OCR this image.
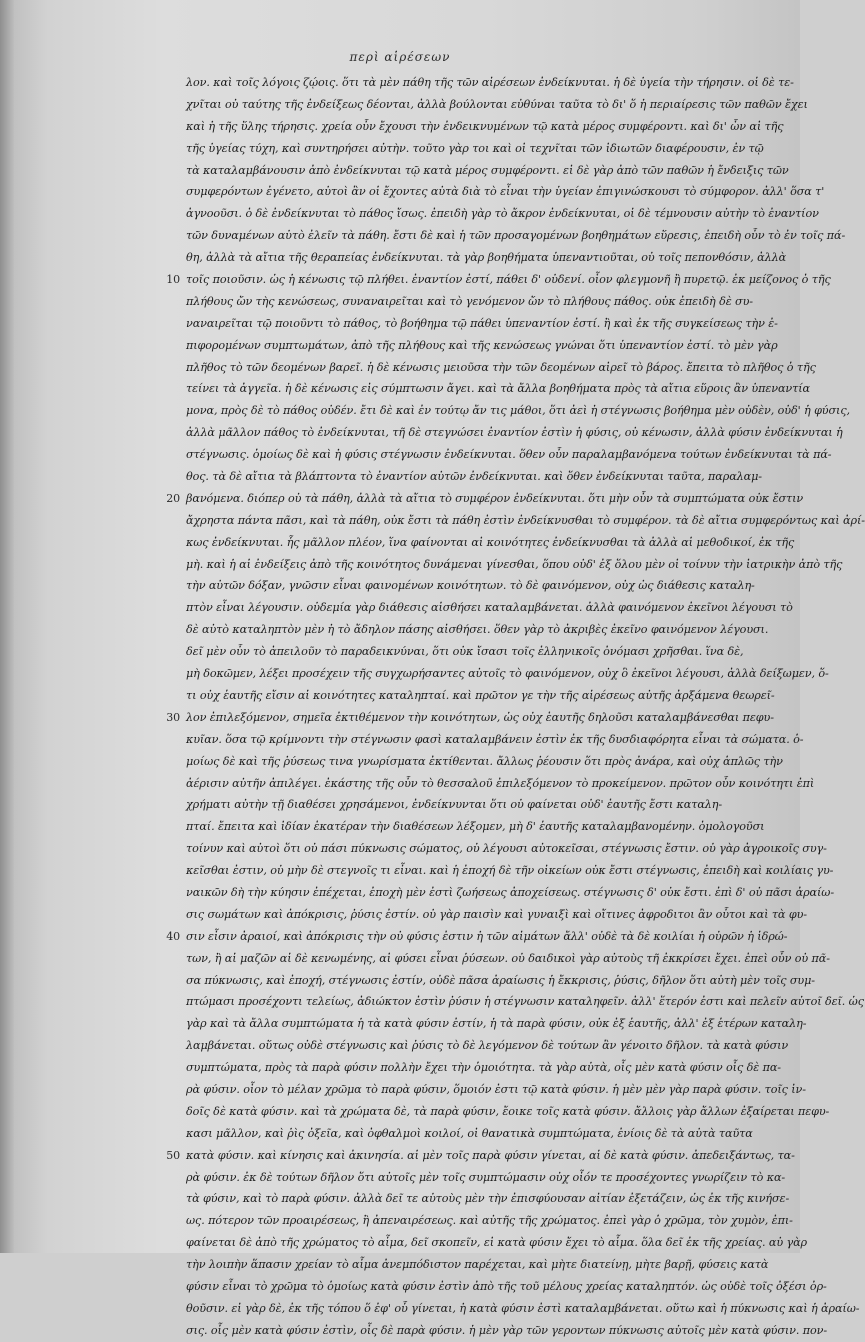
περὶ αἱρέσεων
λον. καὶ τοῖς λόγοις ζῴοις. ὅτι τὰ μὲν πάθη τῆς τῶν αἱρέσεων ἐνδείκνυται. ἡ δὲ ὑγεία τὴν τήρησιν. οἱ δὲ τε-
χνῖται οὐ ταύτης τῆς ἐνδείξεως δέονται, ἀλλὰ βούλονται εὐθύναι ταῦτα τὸ δι' ὅ ἡ περιαίρεσις τῶν παθῶν ἔχει
καὶ ἡ τῆς ὕλης τήρησις. χρεία οὖν ἔχουσι τὴν ἐνδεικνυμένων τῷ κατὰ μέρος συμφέροντι. καὶ δι' ὧν αἱ τῆς
τῆς ὑγείας τύχη, καὶ συντηρήσει αὐτὴν. τοῦτο γὰρ τοι καὶ οἱ τεχνῖται τῶν ἰδιωτῶν διαφέρουσιν, ἐν τῷ
τὰ καταλαμβάνουσιν ἀπὸ ἐνδείκνυται τῷ κατὰ μέρος συμφέροντι. εἰ δὲ γὰρ ἀπὸ τῶν παθῶν ἡ ἔνδειξις τῶν
συμφερόντων ἐγένετο, αὐτοὶ ἂν οἱ ἔχοντες αὐτὰ διὰ τὸ εἶναι τὴν ὑγείαν ἐπιγινώσκουσι τὸ σύμφορον. ἀλλ' ὅσα τ'
ἀγνοοῦσι. ὁ δὲ ἐνδείκνυται τὸ πάθος ἴσως. ἐπειδὴ γὰρ τὸ ἄκρον ἐνδείκνυται, οἱ δὲ τέμνουσιν αὐτὴν τὸ ἐναντίον
τῶν δυναμένων αὐτὸ ἐλεῖν τὰ πάθη. ἔστι δὲ καὶ ἡ τῶν προσαγομένων βοηθημάτων εὕρεσις, ἐπειδὴ οὖν τὸ ἐν τοῖς πά-
θη, ἀλλὰ τὰ αἴτια τῆς θεραπείας ἐνδείκνυται. τὰ γὰρ βοηθήματα ὑπεναντιοῦται, οὐ τοῖς πεπονθόσιν, ἀλλὰ
10 τοῖς ποιοῦσιν. ὡς ἡ κένωσις τῷ πλήθει. ἐναντίον ἐστί, πάθει δ' οὐδενί. οἷον φλεγμονῆ ἢ πυρετῷ. ἐκ μείζονος ὁ τῆς
πλήθους ὤν τὴς κενώσεως, συναναιρεῖται καὶ τὸ γενόμενον ὤν τὸ πλήθους πάθος. οὐκ ἐπειδὴ δὲ συ-
ναναιρεῖται τῷ ποιοῦντι τὸ πάθος, τὸ βοήθημα τῷ πάθει ὑπεναντίον ἐστί. ἢ καὶ ἐκ τῆς συγκείσεως τὴν ἐ-
πιφορομένων συμπτωμάτων, ἀπὸ τῆς πλήθους καὶ τῆς κενώσεως γνώναι ὅτι ὑπεναντίον ἐστί. τὸ μὲν γὰρ
πλῆθος τὸ τῶν δεομένων βαρεῖ. ἡ δὲ κένωσις μειοῦσα τὴν τῶν δεομένων αἰρεῖ τὸ βάρος. ἔπειτα τὸ πλῆθος ὁ τῆς
τείνει τὰ ἀγγεῖα. ἡ δὲ κένωσις εἰς σύμπτωσιν ἄγει. καὶ τὰ ἄλλα βοηθήματα πρὸς τὰ αἴτια εὕροις ἂν ὑπεναντία
μονα, πρὸς δὲ τὸ πάθος οὐδέν. ἔτι δὲ καὶ ἐν τούτῳ ἄν τις μάθοι, ὅτι ἀεὶ ἡ στέγνωσις βοήθημα μὲν οὐδὲν, οὐδ' ἡ φύσις,
ἀλλὰ μᾶλλον πάθος τὸ ἐνδείκνυται, τῆ δὲ στεγνώσει ἐναντίον ἐστὶν ἡ φύσις, οὐ κένωσιν, ἀλλὰ φύσιν ἐνδείκνυται ἡ
στέγνωσις. ὁμοίως δὲ καὶ ἡ φύσις στέγνωσιν ἐνδείκνυται. ὅθεν οὖν παραλαμβανόμενα τούτων ἐνδείκνυται τὰ πά-
θος. τὰ δὲ αἴτια τὰ βλάπτοντα τὸ ἐναντίον αὐτῶν ἐνδείκνυται. καὶ ὅθεν ἐνδείκνυται ταῦτα, παραλαμ-
20 βανόμενα. διόπερ οὐ τὰ πάθη, ἀλλὰ τὰ αἴτια τὸ συμφέρον ἐνδείκνυται. ὅτι μὴν οὖν τὰ συμπτώματα οὐκ ἔστιν
ἄχρηστα πάντα πᾶσι, καὶ τὰ πάθη, οὐκ ἔστι τὰ πάθη ἐστὶν ἐνδείκνυσθαι τὸ συμφέρον. τὰ δὲ αἴτια συμφερόντως καὶ ἀρί-
κως ἐνδείκνυται. ἧς μᾶλλον πλέον, ἵνα φαίνονται αἱ κοινότητες ἐνδείκνυσθαι τὰ ἀλλὰ αἱ μεθοδικοί, ἐκ τῆς
μὴ. καὶ ἡ αἱ ἐνδείξεις ἀπὸ τῆς κοινότητος δυνάμεναι γίνεσθαι, ὅπου οὐδ' ἐξ ὅλου μὲν οἱ τοίνυν τὴν ἰατρικὴν ἀπὸ τῆς
τὴν αὐτῶν δόξαν, γνῶσιν εἶναι φαινομένων κοινότητων. τὸ δὲ φαινόμενον, οὐχ ὡς διάθεσις καταλη-
πτὸν εἶναι λέγουσιν. οὐδεμία γὰρ διάθεσις αἰσθήσει καταλαμβάνεται. ἀλλὰ φαινόμενον ἐκεῖνοι λέγουσι τὸ
δὲ αὐτὸ καταληπτὸν μὲν ἡ τὸ ἄδηλον πάσης αἰσθήσει. ὅθεν γὰρ τὸ ἀκριβὲς ἐκεῖνο φαινόμενον λέγουσι.
δεῖ μὲν οὖν τὸ ἀπειλοῦν τὸ παραδεικνύναι, ὅτι οὐκ ἴσασι τοῖς ἑλληνικοῖς ὀνόμασι χρῆσθαι. ἵνα δὲ,
μὴ δοκῶμεν, λέξει προσέχειν τῆς συγχωρήσαντες αὐτοῖς τὸ φαινόμενον, οὐχ ὃ ἐκεῖνοι λέγουσι, ἀλλὰ δείξωμεν, ὅ-
τι οὐχ ἑαυτῆς εἴσιν αἱ κοινότητες καταληπταί. καὶ πρῶτον γε τὴν τῆς αἱρέσεως αὐτῆς ἀρξάμενα θεωρεῖ-
30 λον ἐπιλεξόμενον, σημεῖα ἐκτιθέμενον τὴν κοινότητων, ὡς οὐχ ἑαυτῆς δηλοῦσι καταλαμβάνεσθαι πεφυ-
κυῖαν. ὅσα τῷ κρίμνοντι τὴν στέγνωσιν φασὶ καταλαμβάνειν ἐστὶν ἐκ τῆς δυσδιαφόρητα εἶναι τὰ σώματα. ὁ-
μοίως δὲ καὶ τῆς ῥύσεως τινα γνωρίσματα ἐκτίθενται. ἄλλως ῥέουσιν ὅτι πρὸς ἀνάρα, καὶ οὐχ ἁπλῶς τὴν
ἀέρισιν αὐτῆν ἀπιλέγει. ἐκάστης τῆς οὖν τὸ θεσσαλοῦ ἐπιλεξόμενον τὸ προκείμενον. πρῶτον οὖν κοινότητι ἐπὶ
χρήματι αὐτὴν τῇ διαθέσει χρησάμενοι, ἐνδείκνυνται ὅτι οὐ φαίνεται οὐδ' ἑαυτῆς ἔστι καταλη-
πταί. ἔπειτα καὶ ἰδίαν ἑκατέραν τὴν διαθέσεων λέξομεν, μὴ δ' ἑαυτῆς καταλαμβανομένην. ὁμολογοῦσι
τοίνυν καὶ αὐτοὶ ὅτι οὐ πάσι πύκνωσις σώματος, οὐ λέγουσι αὐτοκεῖσαι, στέγνωσις ἔστιν. οὐ γὰρ ἀγροικοῖς συγ-
κεῖσθαι ἐστιν, οὐ μὴν δὲ στεγνοῖς τι εἶναι. καὶ ἡ ἐποχή δὲ τῆν οἰκείων οὐκ ἔστι στέγνωσις, ἐπειδὴ καὶ κοιλίαις γυ-
ναικῶν δὴ τὴν κύησιν ἐπέχεται, ἐποχὴ μὲν ἐστὶ ζωήσεως ἀποχείσεως. στέγνωσις δ' οὐκ ἔστι. ἐπὶ δ' οὐ πᾶσι ἀραίω-
σις σωμάτων καὶ ἀπόκρισις, ῥύσις ἐστίν. οὐ γὰρ παισὶν καὶ γυναιξὶ καὶ οἴτινες ἀφροδιτοι ἂν οὗτοι καὶ τὰ φυ-
40 σιν εἶσιν ἀραιοί, καὶ ἀπόκρισις τὴν οὐ φύσις ἐστιν ἡ τῶν αἱμάτων ἄλλ' οὐδὲ τὰ δὲ κοιλίαι ἡ οὐρῶν ἡ ἱδρώ-
των, ἢ αἱ μαζῶν αἱ δὲ κενωμένης, αἱ φύσει εἶναι ῥύσεων. οὐ δαιδικοὶ γὰρ αὐτοὺς τῆ ἐκκρίσει ἔχει. ἐπεὶ οὖν οὐ πᾶ-
σα πύκνωσις, καὶ ἐποχή, στέγνωσις ἐστίν, οὐδὲ πᾶσα ἀραίωσις ἡ ἔκκρισις, ῥύσις, δῆλον ὅτι αὐτὴ μὲν τοῖς συμ-
πτώμασι προσέχοντι τελείως, ἀδιώκτον ἐστὶν ῥύσιν ἡ στέγνωσιν καταληφεῖν. ἀλλ' ἕτερόν ἐστι καὶ πελεῖν αὐτοῖ δεῖ. ὡς
γὰρ καὶ τὰ ἄλλα συμπτώματα ἡ τὰ κατὰ φύσιν ἐστίν, ἡ τὰ παρὰ φύσιν, οὐκ ἐξ ἑαυτῆς, ἀλλ' ἐξ ἑτέρων καταλη-
λαμβάνεται. οὕτως οὐδὲ στέγνωσις καὶ ῥύσις τὸ δὲ λεγόμενον δὲ τούτων ἂν γένοιτο δῆλον. τὰ κατὰ φύσιν
συμπτώματα, πρὸς τὰ παρὰ φύσιν πολλὴν ἔχει τὴν ὁμοιότητα. τὰ γὰρ αὐτὰ, οἷς μὲν κατὰ φύσιν οἷς δὲ πα-
ρὰ φύσιν. οἷον τὸ μέλαν χρῶμα τὸ παρὰ φύσιν, ὅμοιόν ἐστι τῷ κατὰ φύσιν. ἡ μὲν μὲν γὰρ παρὰ φύσιν. τοῖς ἰν-
δοῖς δὲ κατὰ φύσιν. καὶ τὰ χρώματα δὲ, τὰ παρὰ φύσιν, ἔοικε τοῖς κατὰ φύσιν. ἄλλοις γὰρ ἄλλων ἐξαίρεται πεφυ-
κασι μᾶλλον, καὶ ῥὶς ὀξεῖα, καὶ ὀφθαλμοὶ κοιλοί, οἱ θανατικὰ συμπτώματα, ἐνίοις δὲ τὰ αὐτὰ ταῦτα
50 κατὰ φύσιν. καὶ κίνησις καὶ ἀκινησία. αἱ μὲν τοῖς παρὰ φύσιν γίνεται, αἱ δὲ κατὰ φύσιν. ἀπεδειξάντως, τα-
ρὰ φύσιν. ἐκ δὲ τούτων δῆλον ὅτι αὐτοῖς μὲν τοῖς συμπτώμασιν οὐχ οἷόν τε προσέχοντες γνωρίζειν τὸ κα-
τὰ φύσιν, καὶ τὸ παρὰ φύσιν. ἀλλὰ δεῖ τε αὐτοὺς μὲν τὴν ἐπισφύουσαν αἰτίαν ἐξετάζειν, ὡς ἐκ τῆς κινήσε-
ως. πότερον τῶν προαιρέσεως, ἢ ἀπεναιρέσεως. καὶ αὐτῆς τῆς χρώματος. ἐπεὶ γὰρ ὁ χρῶμα, τὸν χυμὸν, ἐπι-
φαίνεται δὲ ἀπὸ τῆς χρώματος τὸ αἷμα, δεῖ σκοπεῖν, εἰ κατὰ φύσιν ἔχει τὸ αἷμα. ὅλα δεῖ ἐκ τῆς χρείας. αὐ γὰρ
τὴν λοιπὴν ἅπασιν χρείαν τὸ αἷμα ἀνεμπόδιστον παρέχεται, καὶ μὴτε διατείνῃ, μὴτε βαρῇ, φύσεις κατὰ
φύσιν εἶναι τὸ χρῶμα τὸ ὁμοίως κατὰ φύσιν ἐστὶν ἀπὸ τῆς τοῦ μέλους χρείας καταληπτόν. ὡς οὐδὲ τοῖς ὀξέσι ὀρ-
θοῦσιν. εἰ γὰρ δὲ, ἐκ τῆς τόπου ὅ ἐφ' οὗ γίνεται, ἡ κατὰ φύσιν ἐστὶ καταλαμβάνεται. οὕτω καὶ ἡ πύκνωσις καὶ ἡ ἀραίω-
σις. οἷς μὲν κατὰ φύσιν ἐστὶν, οἷς δὲ παρὰ φύσιν. ἡ μὲν γὰρ τῶν γεροντων πύκνωσις αὐτοῖς μὲν κατὰ φύσιν. πον-
